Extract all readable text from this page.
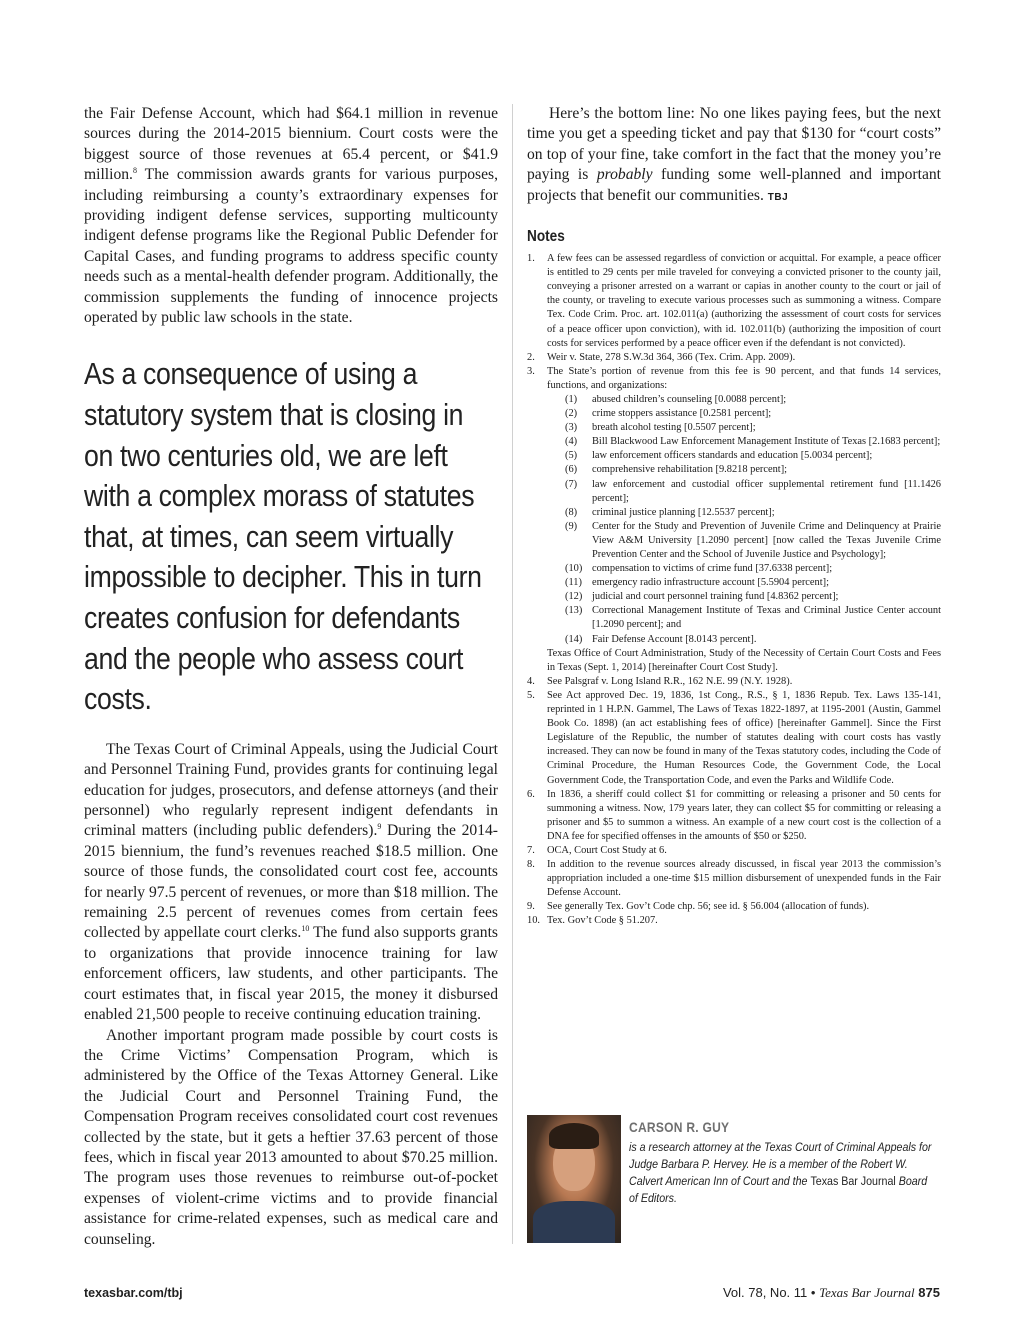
the Fair Defense Account, which had $64.1 million in revenue sources during the 2014-2015 biennium. Court costs were the biggest source of those revenues at 65.4 percent, or $41.9 million.$^8$ The commission awards grants for various purposes, including reimbursing a county’s extraordinary expenses for providing indigent defense services, supporting multicounty indigent defense programs like the Regional Public Defender for Capital Cases, and funding programs to address specific county needs such as a mental-health defender program. Additionally, the commission supplements the funding of innocence projects operated by public law schools in the state.

As a consequence of using a statutory system that is closing in on two centuries old, we are left with a complex morass of statutes that, at times, can seem virtually impossible to decipher. This in turn creates confusion for defendants and the people who assess court costs.

The Texas Court of Criminal Appeals, using the Judicial Court and Personnel Training Fund, provides grants for continuing legal education for judges, prosecutors, and defense attorneys (and their personnel) who regularly represent indigent defendants in criminal matters (including public defenders).$^9$ During the 2014-2015 biennium, the fund’s revenues reached $18.5 million. One source of those funds, the consolidated court cost fee, accounts for nearly 97.5 percent of revenues, or more than $18 million. The remaining 2.5 percent of revenues comes from certain fees collected by appellate court clerks.$^{10}$ The fund also supports grants to organizations that provide innocence training for law enforcement officers, law students, and other participants. The court estimates that, in fiscal year 2015, the money it disbursed enabled 21,500 people to receive continuing education training.

Another important program made possible by court costs is the Crime Victims’ Compensation Program, which is administered by the Office of the Texas Attorney General. Like the Judicial Court and Personnel Training Fund, the Compensation Program receives consolidated court cost revenues collected by the state, but it gets a heftier 37.63 percent of those fees, which in fiscal year 2013 amounted to about $70.25 million. The program uses those revenues to reimburse out-of-pocket expenses of violent-crime victims and to provide financial assistance for crime-related expenses, such as medical care and counseling.

Here’s the bottom line: No one likes paying fees, but the next time you get a speeding ticket and pay that $130 for “court costs” on top of your fine, take comfort in the fact that the money you’re paying is probably funding some well-planned and important projects that benefit our communities. TBJ

Notes
1. A few fees can be assessed regardless of conviction or acquittal. For example, a peace officer is entitled to 29 cents per mile traveled for conveying a convicted prisoner to the county jail, conveying a prisoner arrested on a warrant or capias in another county to the court or jail of the county, or traveling to execute various processes such as summoning a witness. Compare Tex. Code Crim. Proc. art. 102.011(a) (authorizing the assessment of court costs for services of a peace officer upon conviction), with id. 102.011(b) (authorizing the imposition of court costs for services performed by a peace officer even if the defendant is not convicted).
2. Weir v. State, 278 S.W.3d 364, 366 (Tex. Crim. App. 2009).
3. The State’s portion of revenue from this fee is 90 percent, and that funds 14 services, functions, and organizations:
(1) abused children’s counseling [0.0088 percent];
(2) crime stoppers assistance [0.2581 percent];
(3) breath alcohol testing [0.5507 percent];
(4) Bill Blackwood Law Enforcement Management Institute of Texas [2.1683 percent];
(5) law enforcement officers standards and education [5.0034 percent];
(6) comprehensive rehabilitation [9.8218 percent];
(7) law enforcement and custodial officer supplemental retirement fund [11.1426 percent];
(8) criminal justice planning [12.5537 percent];
(9) Center for the Study and Prevention of Juvenile Crime and Delinquency at Prairie View A&M University [1.2090 percent] [now called the Texas Juvenile Crime Prevention Center and the School of Juvenile Justice and Psychology];
(10) compensation to victims of crime fund [37.6338 percent];
(11) emergency radio infrastructure account [5.5904 percent];
(12) judicial and court personnel training fund [4.8362 percent];
(13) Correctional Management Institute of Texas and Criminal Justice Center account [1.2090 percent]; and
(14) Fair Defense Account [8.0143 percent].
Texas Office of Court Administration, Study of the Necessity of Certain Court Costs and Fees in Texas (Sept. 1, 2014) [hereinafter Court Cost Study].
4. See Palsgraf v. Long Island R.R., 162 N.E. 99 (N.Y. 1928).
5. See Act approved Dec. 19, 1836, 1st Cong., R.S., § 1, 1836 Repub. Tex. Laws 135-141, reprinted in 1 H.P.N. Gammel, The Laws of Texas 1822-1897, at 1195-2001 (Austin, Gammel Book Co. 1898) (an act establishing fees of office) [hereinafter Gammel]. Since the First Legislature of the Republic, the number of statutes dealing with court costs has vastly increased. They can now be found in many of the Texas statutory codes, including the Code of Criminal Procedure, the Human Resources Code, the Government Code, the Local Government Code, the Transportation Code, and even the Parks and Wildlife Code.
6. In 1836, a sheriff could collect $1 for committing or releasing a prisoner and 50 cents for summoning a witness. Now, 179 years later, they can collect $5 for committing or releasing a prisoner and $5 to summon a witness. An example of a new court cost is the collection of a DNA fee for specified offenses in the amounts of $50 or $250.
7. OCA, Court Cost Study at 6.
8. In addition to the revenue sources already discussed, in fiscal year 2013 the commission’s appropriation included a one-time $15 million disbursement of unexpended funds in the Fair Defense Account.
9. See generally Tex. Gov’t Code chp. 56; see id. § 56.004 (allocation of funds).
10. Tex. Gov’t Code § 51.207.
CARSON R. GUY
is a research attorney at the Texas Court of Criminal Appeals for Judge Barbara P. Hervey. He is a member of the Robert W. Calvert American Inn of Court and the Texas Bar Journal Board of Editors.
texasbar.com/tbj	Vol. 78, No. 11 • Texas Bar Journal 875
